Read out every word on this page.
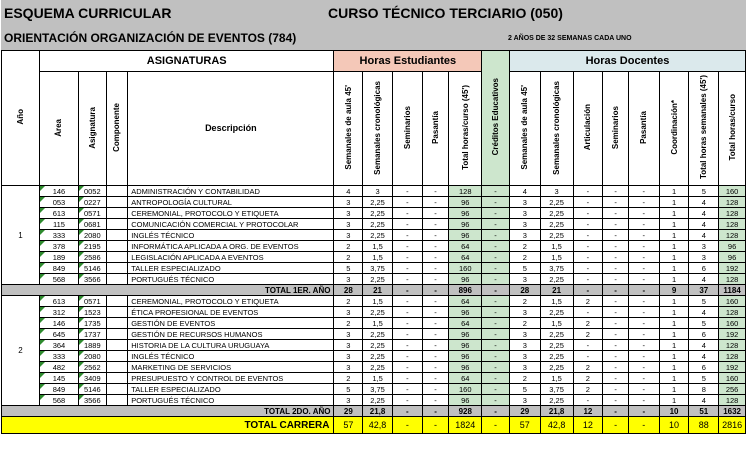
ESQUEMA CURRICULAR	CURSO TÉCNICO TERCIARIO (050)
ORIENTACIÓN ORGANIZACIÓN DE EVENTOS (784)	2 AÑOS DE 32 SEMANAS CADA UNO
Año	ASIGNATURAS				Horas Estudiantes					Créditos Educativos	Horas Docentes							
	Área	Asignatura	Componente	Descripción	Semanales de aula 45'	Semanales cronológicas	Seminarios	Pasantía	Total horas/curso (45')		Semanales de aula 45'	Semanales cronológicas	Articulación	Seminarios	Pasantía	Coordinación*	Total horas semanales (45')	Total horas/curso
1	146	0052		ADMINISTRACIÓN Y CONTABILIDAD	4	3	-	-	128	-	4	3	-	-	-	1	5	160
	053	0227		ANTROPOLOGÍA CULTURAL	3	2,25	-	-	96	-	3	2,25	-	-	-	1	4	128
	613	0571		CEREMONIAL, PROTOCOLO Y ETIQUETA	3	2,25	-	-	96	-	3	2,25	-	-	-	1	4	128
	115	0681		COMUNICACIÓN COMERCIAL Y PROTOCOLAR	3	2,25	-	-	96	-	3	2,25	-	-	-	1	4	128
	333	2080		INGLÉS TÉCNICO	3	2,25	-	-	96	-	3	2,25	-	-	-	1	4	128
	378	2195		INFORMÁTICA APLICADA A ORG. DE EVENTOS	2	1,5	-	-	64	-	2	1,5	-	-	-	1	3	96
	189	2586		LEGISLACIÓN APLICADA A EVENTOS	2	1,5	-	-	64	-	2	1,5	-	-	-	1	3	96
	849	5146		TALLER ESPECIALIZADO	5	3,75	-	-	160	-	5	3,75	-	-	-	1	6	192
	568	3566		PORTUGUÉS TÉCNICO	3	2,25	-	-	96	-	3	2,25	-	-	-	1	4	128
TOTAL 1ER. AÑO					28	21	-	-	896	-	28	21	-	-	-	9	37	1184
2	613	0571		CEREMONIAL, PROTOCOLO Y ETIQUETA	2	1,5	-	-	64	-	2	1,5	2	-	-	1	5	160
	312	1523		ÉTICA PROFESIONAL DE EVENTOS	3	2,25	-	-	96	-	3	2,25	-	-	-	1	4	128
	146	1735		GESTIÓN DE EVENTOS	2	1,5	-	-	64	-	2	1,5	2	-	-	1	5	160
	645	1737		GESTIÓN DE RECURSOS HUMANOS	3	2,25	-	-	96	-	3	2,25	2	-	-	1	6	192
	364	1889		HISTORIA DE LA CULTURA URUGUAYA	3	2,25	-	-	96	-	3	2,25	-	-	-	1	4	128
	333	2080		INGLÉS TÉCNICO	3	2,25	-	-	96	-	3	2,25	-	-	-	1	4	128
	482	2562		MARKETING DE SERVICIOS	3	2,25	-	-	96	-	3	2,25	2	-	-	1	6	192
	145	3409		PRESUPUESTO Y CONTROL DE EVENTOS	2	1,5	-	-	64	-	2	1,5	2	-	-	1	5	160
	849	5146		TALLER ESPECIALIZADO	5	3,75	-	-	160	-	5	3,75	2	-	-	1	8	256
	568	3566		PORTUGUÉS TÉCNICO	3	2,25	-	-	96	-	3	2,25	-	-	-	1	4	128
TOTAL 2DO. AÑO					29	21,8	-	-	928	-	29	21,8	12	-	-	10	51	1632
TOTAL CARRERA					57	42,8	-	-	1824	-	57	42,8	12	-	-	10	88	2816
